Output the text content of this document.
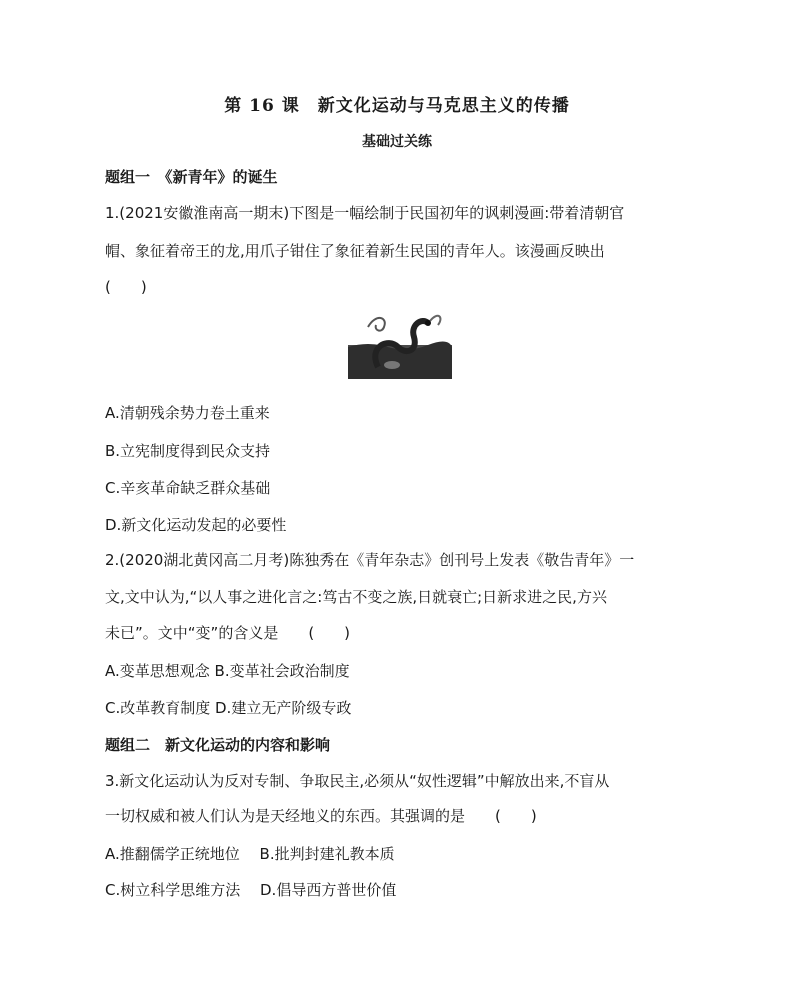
第 16 课　新文化运动与马克思主义的传播
基础过关练
题组一　《新青年》的诞生
1.(2021安徽淮南高一期末)下图是一幅绘制于民国初年的讽刺漫画:带着清朝官
帽、象征着帝王的龙,用爪子钳住了象征着新生民国的青年人。该漫画反映出
(　　)
A.清朝残余势力卷土重来
B.立宪制度得到民众支持
C.辛亥革命缺乏群众基础
D.新文化运动发起的必要性
2.(2020湖北黄冈高二月考)陈独秀在《青年杂志》创刊号上发表《敬告青年》一
文,文中认为,“以人事之进化言之:笃古不变之族,日就衰亡;日新求进之民,方兴
未已”。文中“变”的含义是　　(　　)
A.变革思想观念 B.变革社会政治制度
C.改革教育制度 D.建立无产阶级专政
题组二　新文化运动的内容和影响
3.新文化运动认为反对专制、争取民主,必须从“奴性逻辑”中解放出来,不盲从
一切权威和被人们认为是天经地义的东西。其强调的是　　(　　)
A.推翻儒学正统地位　 B.批判封建礼教本质
C.树立科学思维方法　 D.倡导西方普世价值
